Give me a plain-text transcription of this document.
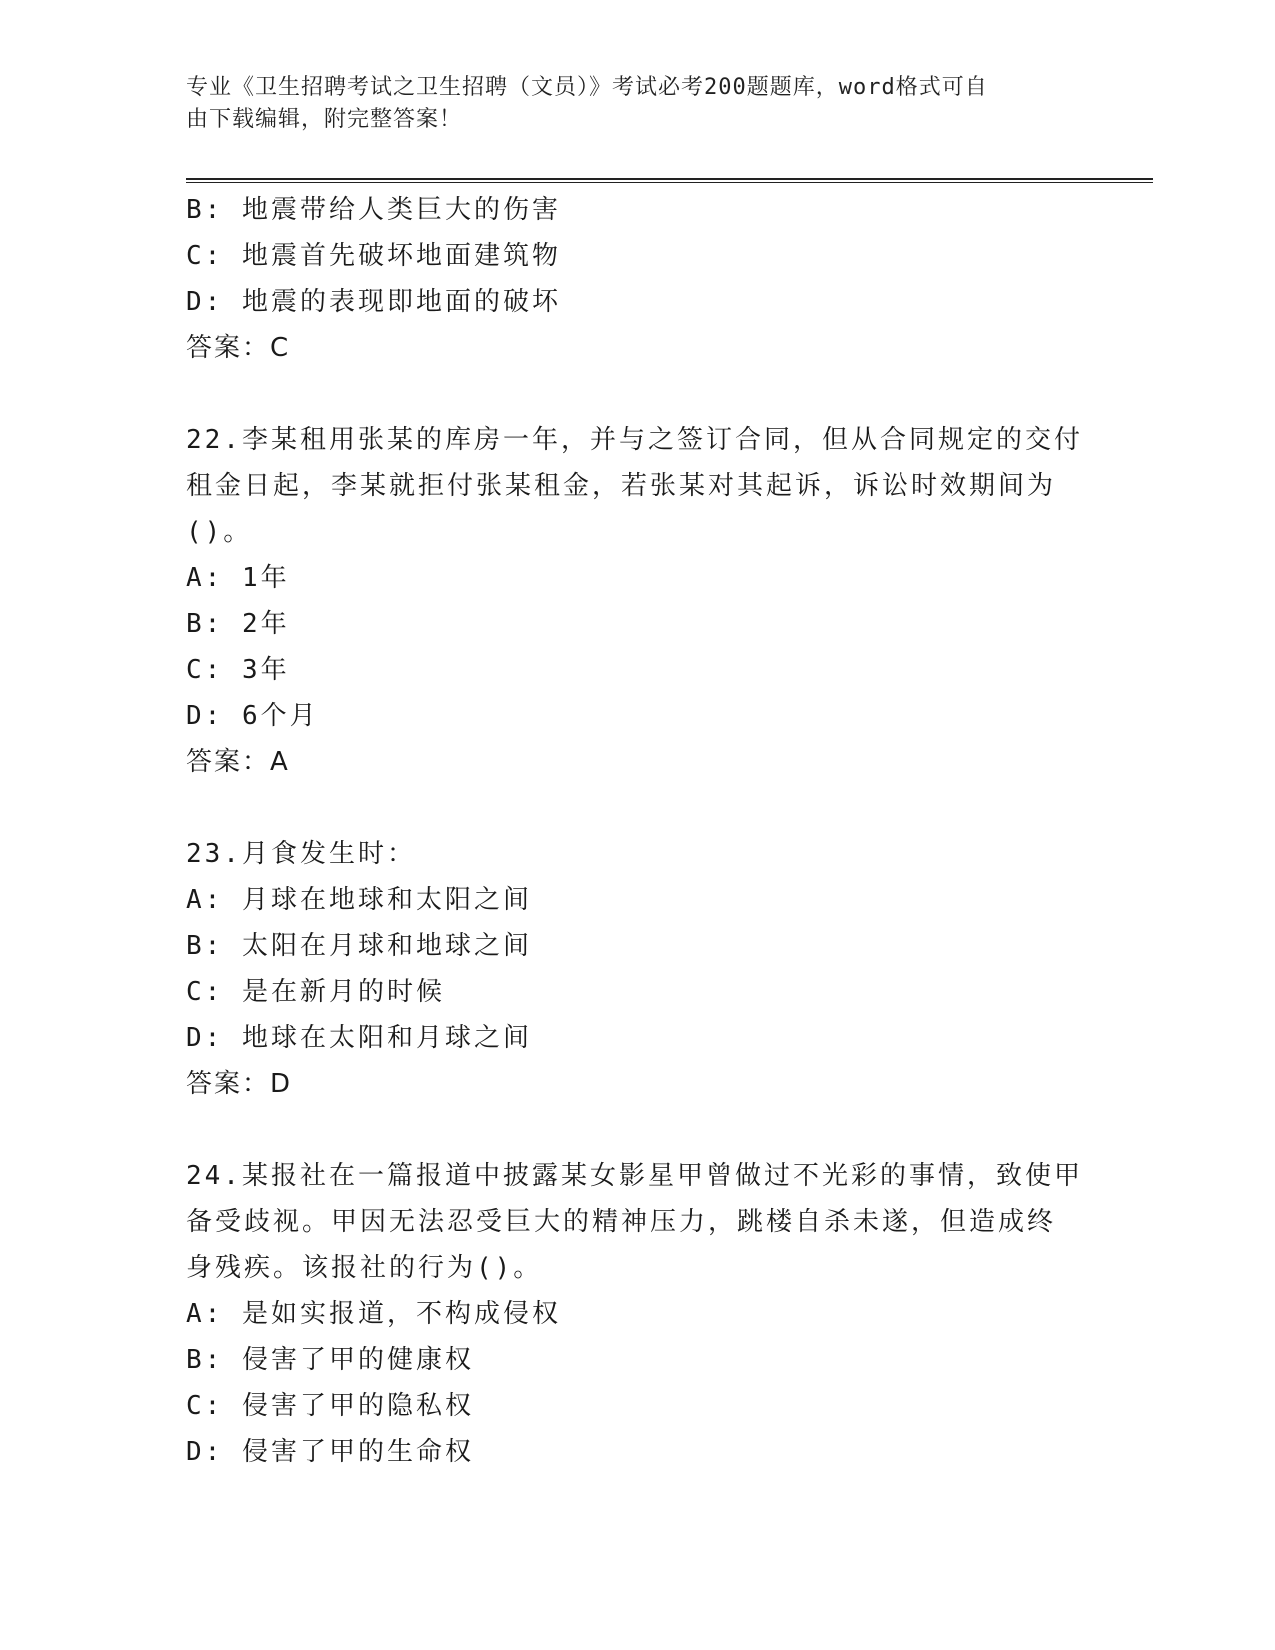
专业《卫生招聘考试之卫生招聘（文员）》考试必考200题题库，word格式可自
由下载编辑，附完整答案！
B: 地震带给人类巨大的伤害
C: 地震首先破坏地面建筑物
D: 地震的表现即地面的破坏
答案：C
22.李某租用张某的库房一年，并与之签订合同，但从合同规定的交付
租金日起，李某就拒付张某租金，若张某对其起诉，诉讼时效期间为
()。
A: 1年
B: 2年
C: 3年
D: 6个月
答案：A
23.月食发生时：
A: 月球在地球和太阳之间
B: 太阳在月球和地球之间
C: 是在新月的时候
D: 地球在太阳和月球之间
答案：D
24.某报社在一篇报道中披露某女影星甲曾做过不光彩的事情，致使甲
备受歧视。甲因无法忍受巨大的精神压力，跳楼自杀未遂，但造成终
身残疾。该报社的行为()。
A: 是如实报道，不构成侵权
B: 侵害了甲的健康权
C: 侵害了甲的隐私权
D: 侵害了甲的生命权
